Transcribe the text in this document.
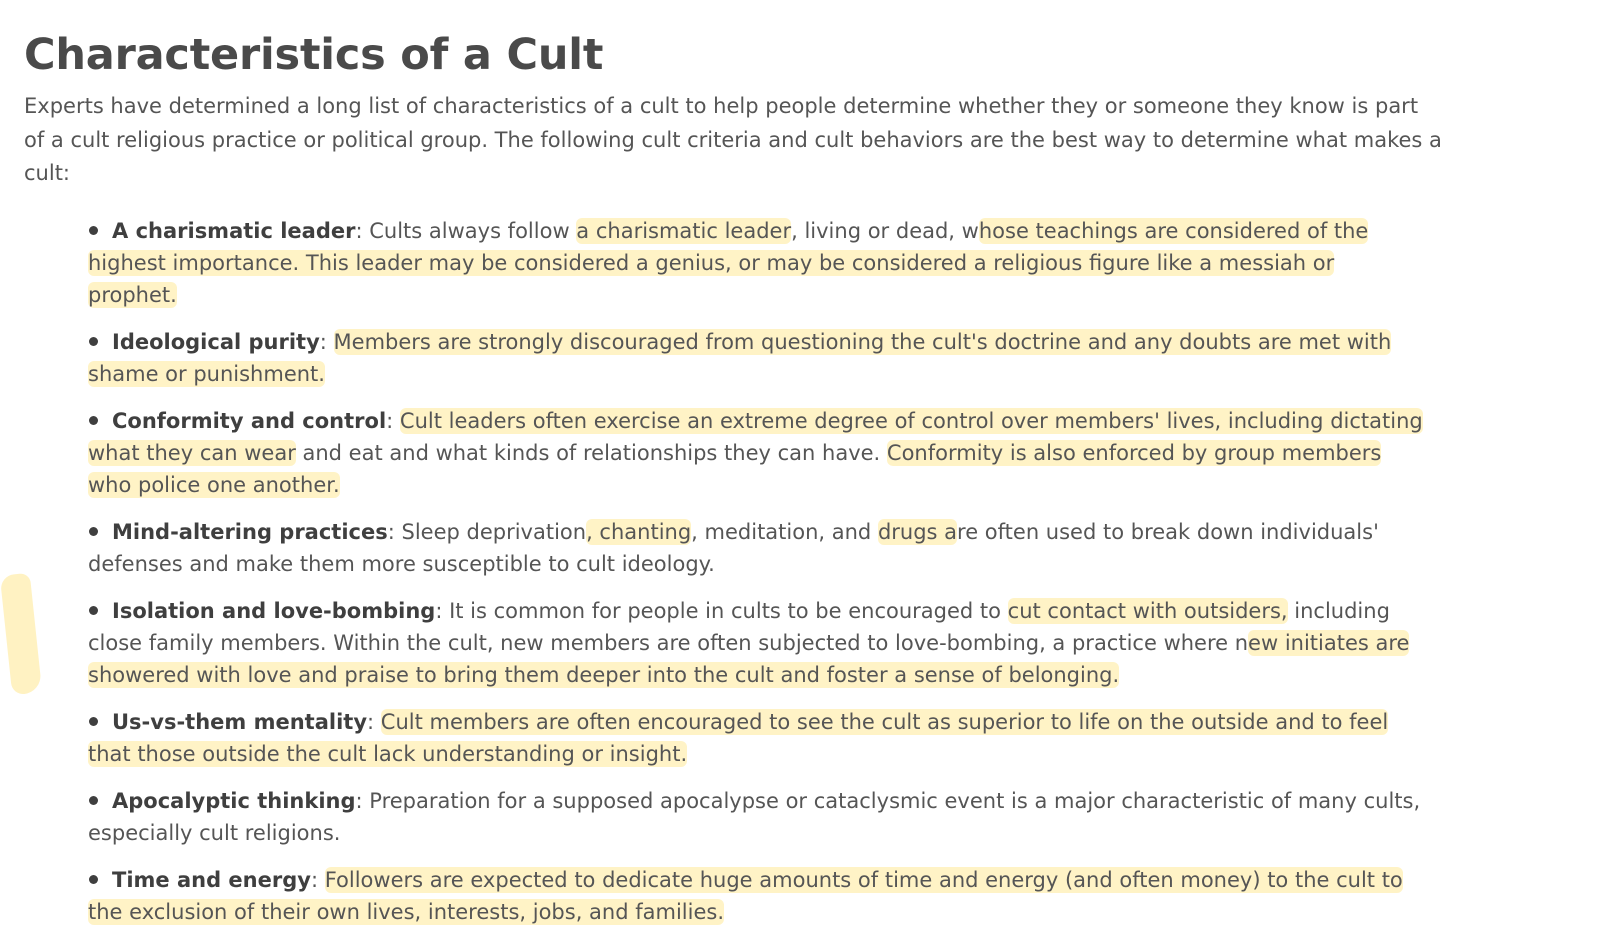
Characteristics of a Cult

Experts have determined a long list of characteristics of a cult to help people determine whether they or someone they know is part of a cult religious practice or political group. The following cult criteria and cult behaviors are the best way to determine what makes a cult:

A charismatic leader: Cults always follow a charismatic leader, living or dead, whose teachings are considered of the highest importance. This leader may be considered a genius, or may be considered a religious figure like a messiah or prophet.
Ideological purity: Members are strongly discouraged from questioning the cult's doctrine and any doubts are met with shame or punishment.
Conformity and control: Cult leaders often exercise an extreme degree of control over members' lives, including dictating what they can wear and eat and what kinds of relationships they can have. Conformity is also enforced by group members who police one another.
Mind-altering practices: Sleep deprivation, chanting, meditation, and drugs are often used to break down individuals' defenses and make them more susceptible to cult ideology.
Isolation and love-bombing: It is common for people in cults to be encouraged to cut contact with outsiders, including close family members. Within the cult, new members are often subjected to love-bombing, a practice where new initiates are showered with love and praise to bring them deeper into the cult and foster a sense of belonging.
Us-vs-them mentality: Cult members are often encouraged to see the cult as superior to life on the outside and to feel that those outside the cult lack understanding or insight.
Apocalyptic thinking: Preparation for a supposed apocalypse or cataclysmic event is a major characteristic of many cults, especially cult religions.
Time and energy: Followers are expected to dedicate huge amounts of time and energy (and often money) to the cult to the exclusion of their own lives, interests, jobs, and families.
